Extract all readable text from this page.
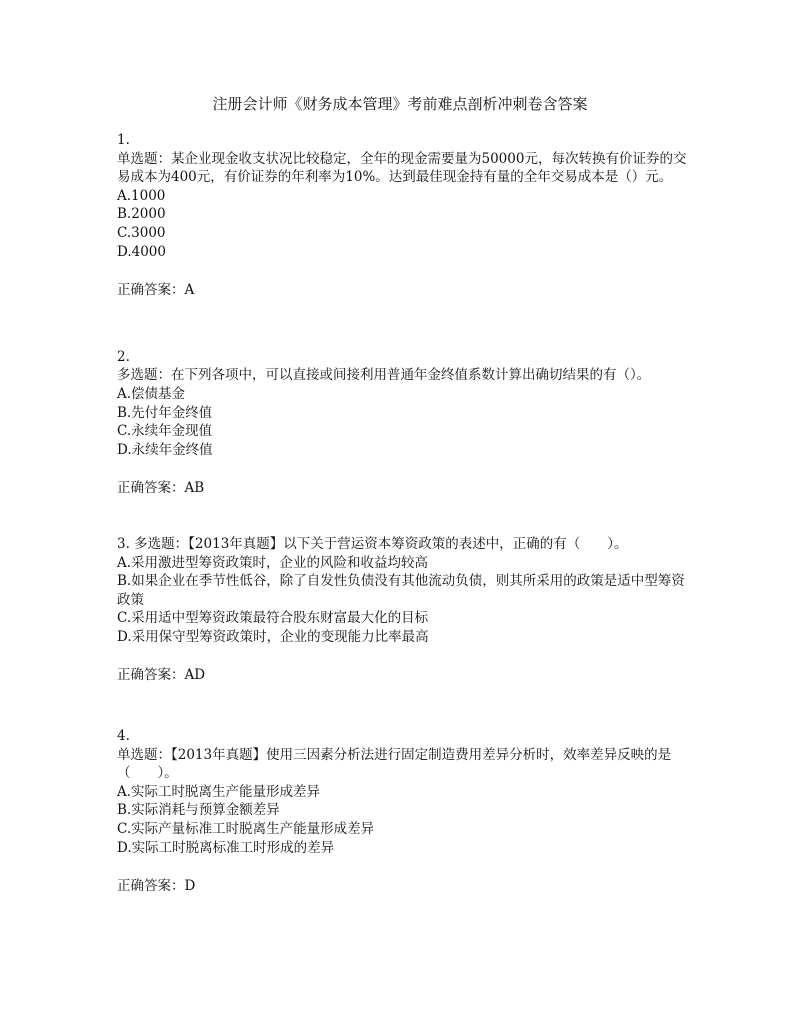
注册会计师《财务成本管理》考前难点剖析冲刺卷含答案
1.
单选题：某企业现金收支状况比较稳定，全年的现金需要量为50000元，每次转换有价证券的交易成本为400元，有价证券的年利率为10%。达到最佳现金持有量的全年交易成本是（）元。
A.1000
B.2000
C.3000
D.4000
正确答案：A
2.
多选题：在下列各项中，可以直接或间接利用普通年金终值系数计算出确切结果的有（）。
A.偿债基金
B.先付年金终值
C.永续年金现值
D.永续年金终值
正确答案：AB
3. 多选题：【2013年真题】以下关于营运资本筹资政策的表述中，正确的有（　　）。
A.采用激进型筹资政策时，企业的风险和收益均较高
B.如果企业在季节性低谷，除了自发性负债没有其他流动负债，则其所采用的政策是适中型筹资政策
C.采用适中型筹资政策最符合股东财富最大化的目标
D.采用保守型筹资政策时，企业的变现能力比率最高
正确答案：AD
4.
单选题：【2013年真题】使用三因素分析法进行固定制造费用差异分析时，效率差异反映的是（　　）。
A.实际工时脱离生产能量形成差异
B.实际消耗与预算金额差异
C.实际产量标准工时脱离生产能量形成差异
D.实际工时脱离标准工时形成的差异
正确答案：D
